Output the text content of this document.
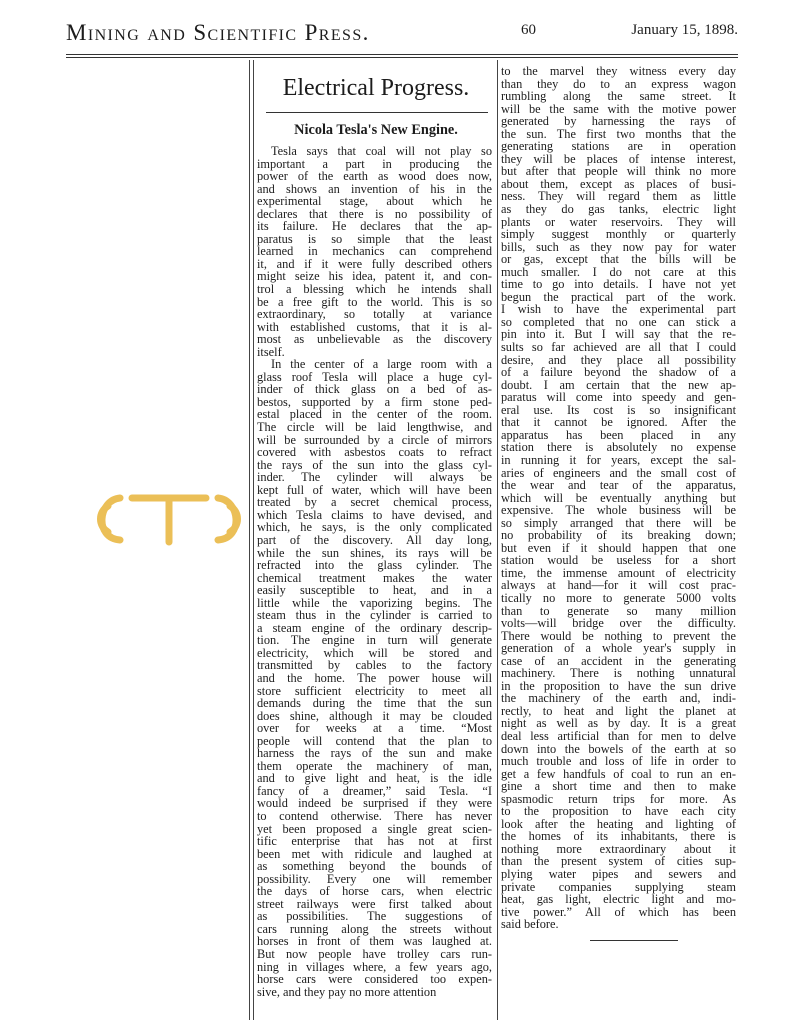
Mining and Scientific Press.	60	January 15, 1898.
Electrical Progress.
Nicola Tesla's New Engine.
Tesla says that coal will not play so
important a part in producing the
power of the earth as wood does now,
and shows an invention of his in the
experimental stage, about which he
declares that there is no possibility of
its failure. He declares that the ap-
paratus is so simple that the least
learned in mechanics can comprehend
it, and if it were fully described others
might seize his idea, patent it, and con-
trol a blessing which he intends shall
be a free gift to the world. This is so
extraordinary, so totally at variance
with established customs, that it is al-
most as unbelievable as the discovery
itself.
In the center of a large room with a
glass roof Tesla will place a huge cyl-
inder of thick glass on a bed of as-
bestos, supported by a firm stone ped-
estal placed in the center of the room.
The circle will be laid lengthwise, and
will be surrounded by a circle of mirrors
covered with asbestos coats to refract
the rays of the sun into the glass cyl-
inder. The cylinder will always be
kept full of water, which will have been
treated by a secret chemical process,
which Tesla claims to have devised, and
which, he says, is the only complicated
part of the discovery. All day long,
while the sun shines, its rays will be
refracted into the glass cylinder. The
chemical treatment makes the water
easily susceptible to heat, and in a
little while the vaporizing begins. The
steam thus in the cylinder is carried to
a steam engine of the ordinary descrip-
tion. The engine in turn will generate
electricity, which will be stored and
transmitted by cables to the factory
and the home. The power house will
store sufficient electricity to meet all
demands during the time that the sun
does shine, although it may be clouded
over for weeks at a time. “Most
people will contend that the plan to
harness the rays of the sun and make
them operate the machinery of man,
and to give light and heat, is the idle
fancy of a dreamer,” said Tesla. “I
would indeed be surprised if they were
to contend otherwise. There has never
yet been proposed a single great scien-
tific enterprise that has not at first
been met with ridicule and laughed at
as something beyond the bounds of
possibility. Every one will remember
the days of horse cars, when electric
street railways were first talked about
as possibilities. The suggestions of
cars running along the streets without
horses in front of them was laughed at.
But now people have trolley cars run-
ning in villages where, a few years ago,
horse cars were considered too expen-
sive, and they pay no more attention
to the marvel they witness every day
than they do to an express wagon
rumbling along the same street. It
will be the same with the motive power
generated by harnessing the rays of
the sun. The first two months that the
generating stations are in operation
they will be places of intense interest,
but after that people will think no more
about them, except as places of busi-
ness. They will regard them as little
as they do gas tanks, electric light
plants or water reservoirs. They will
simply suggest monthly or quarterly
bills, such as they now pay for water
or gas, except that the bills will be
much smaller. I do not care at this
time to go into details. I have not yet
begun the practical part of the work.
I wish to have the experimental part
so completed that no one can stick a
pin into it. But I will say that the re-
sults so far achieved are all that I could
desire, and they place all possibility
of a failure beyond the shadow of a
doubt. I am certain that the new ap-
paratus will come into speedy and gen-
eral use. Its cost is so insignificant
that it cannot be ignored. After the
apparatus has been placed in any
station there is absolutely no expense
in running it for years, except the sal-
aries of engineers and the small cost of
the wear and tear of the apparatus,
which will be eventually anything but
expensive. The whole business will be
so simply arranged that there will be
no probability of its breaking down;
but even if it should happen that one
station would be useless for a short
time, the immense amount of electricity
always at hand—for it will cost prac-
tically no more to generate 5000 volts
than to generate so many million
volts—will bridge over the difficulty.
There would be nothing to prevent the
generation of a whole year's supply in
case of an accident in the generating
machinery. There is nothing unnatural
in the proposition to have the sun drive
the machinery of the earth and, indi-
rectly, to heat and light the planet at
night as well as by day. It is a great
deal less artificial than for men to delve
down into the bowels of the earth at so
much trouble and loss of life in order to
get a few handfuls of coal to run an en-
gine a short time and then to make
spasmodic return trips for more. As
to the proposition to have each city
look after the heating and lighting of
the homes of its inhabitants, there is
nothing more extraordinary about it
than the present system of cities sup-
plying water pipes and sewers and
private companies supplying steam
heat, gas light, electric light and mo-
tive power.” All of which has been
said before.
